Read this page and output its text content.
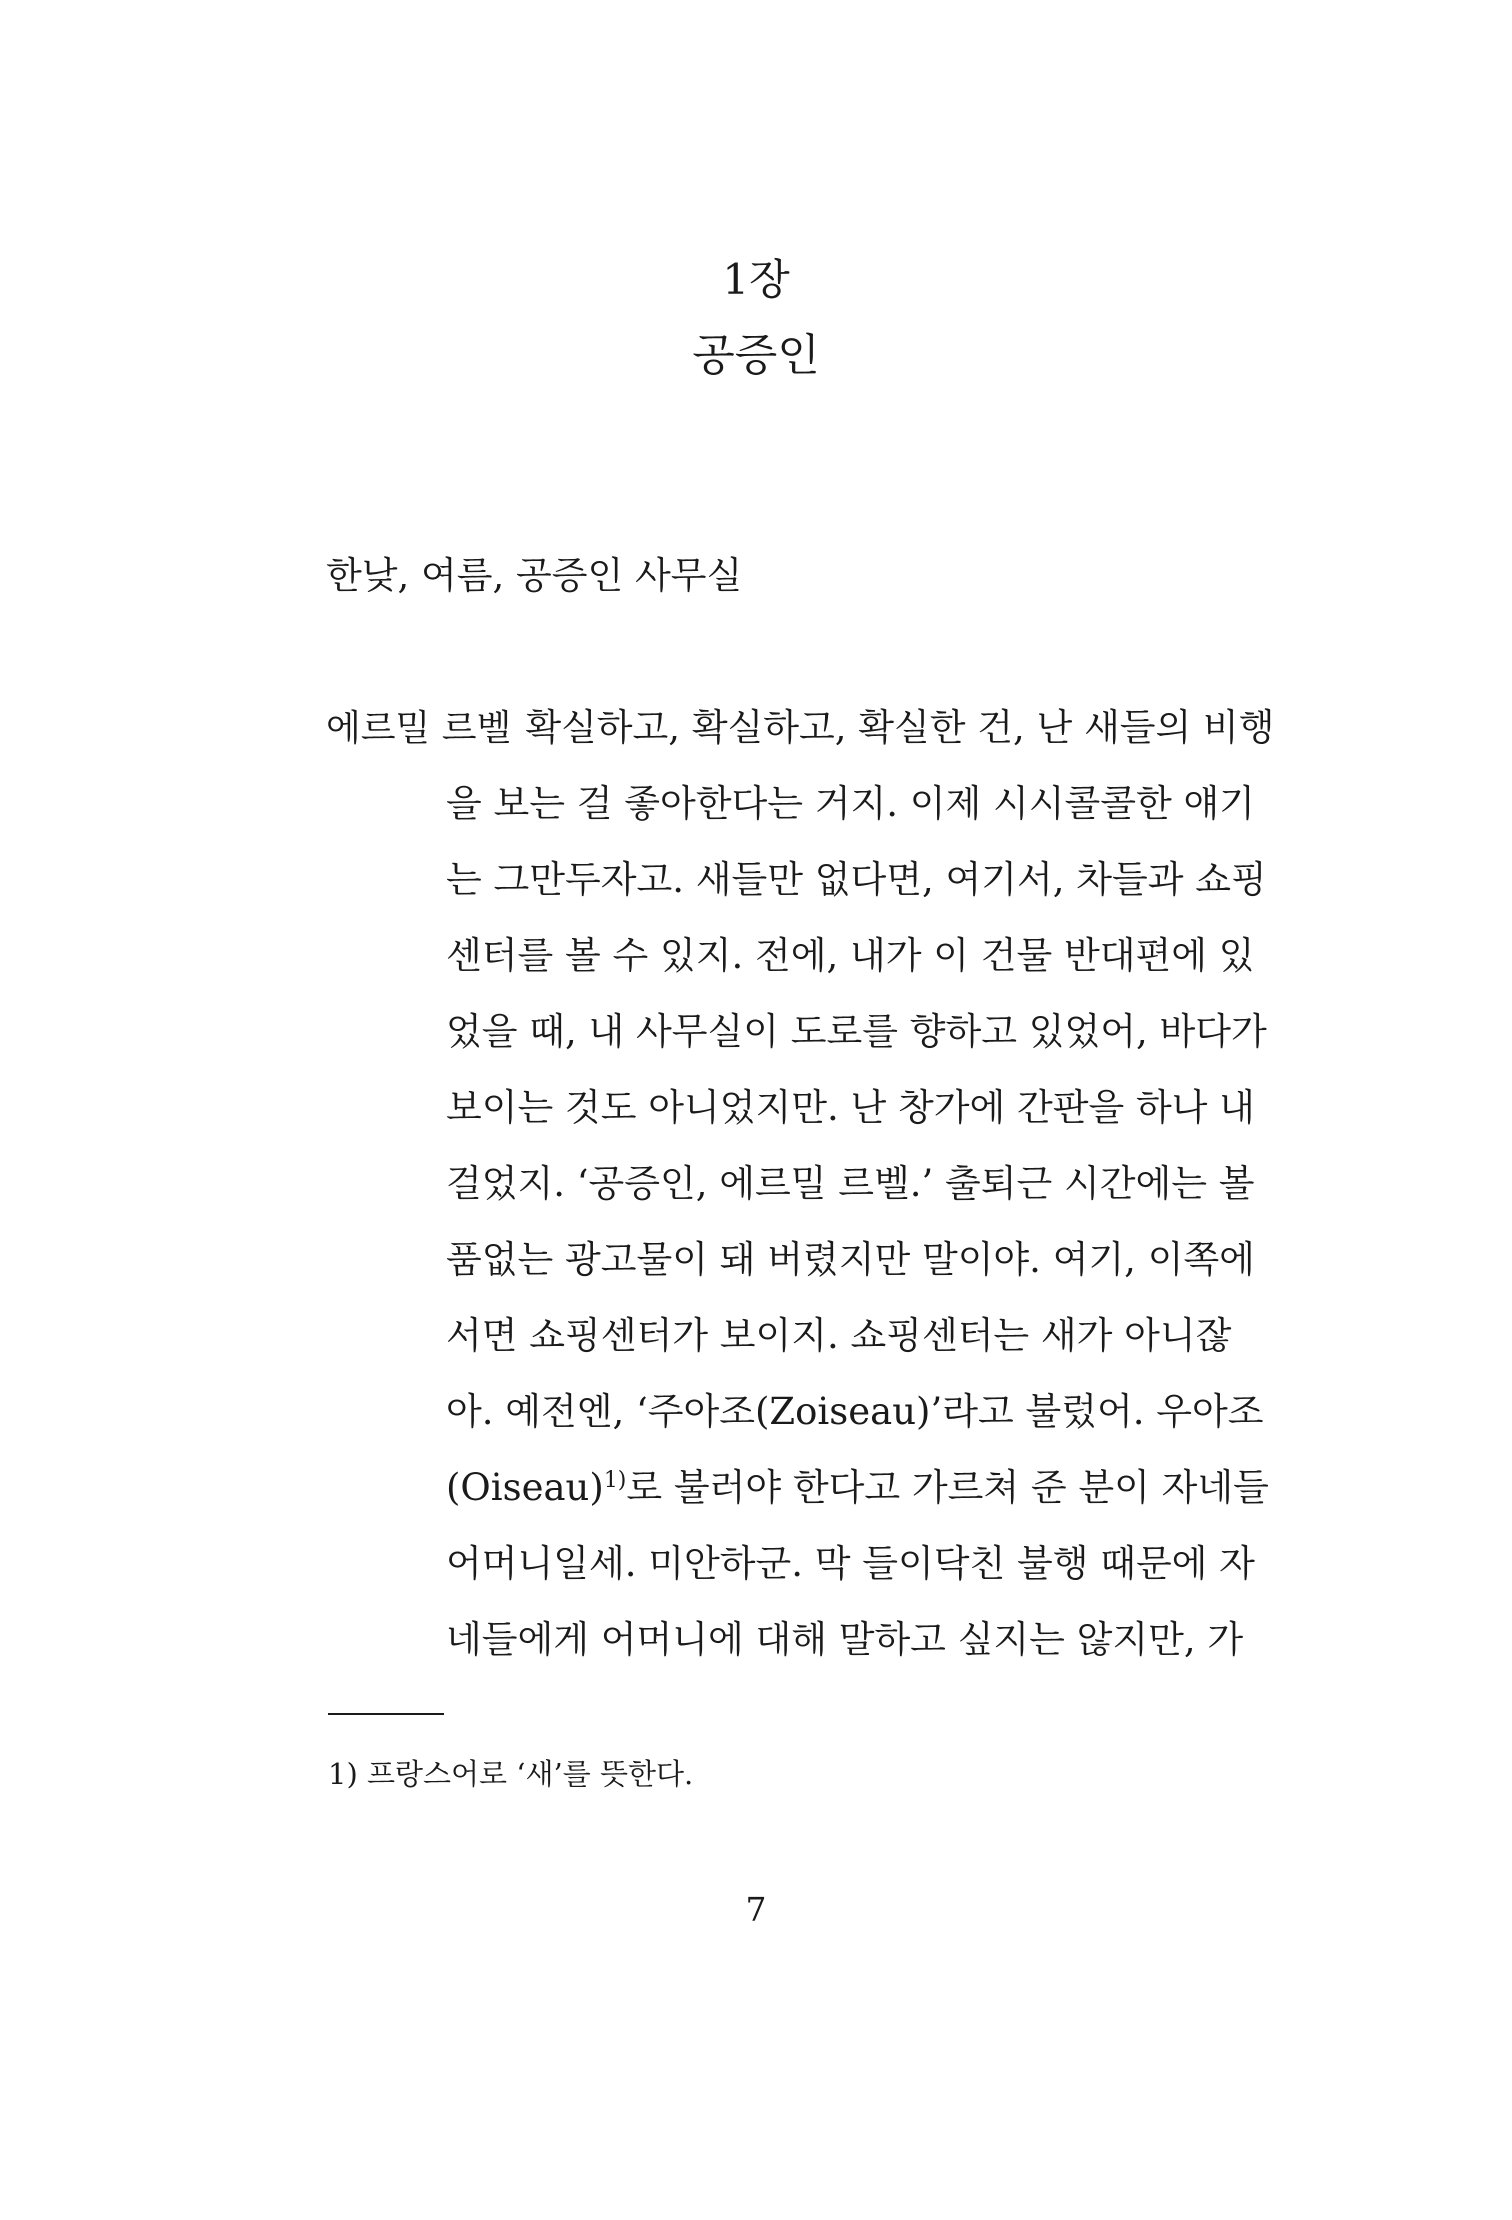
1장
공증인
한낮, 여름, 공증인 사무실
에르밀 르벨 확실하고, 확실하고, 확실한 건, 난 새들의 비행
을 보는 걸 좋아한다는 거지. 이제 시시콜콜한 얘기
는 그만두자고. 새들만 없다면, 여기서, 차들과 쇼핑
센터를 볼 수 있지. 전에, 내가 이 건물 반대편에 있
었을 때, 내 사무실이 도로를 향하고 있었어, 바다가
보이는 것도 아니었지만. 난 창가에 간판을 하나 내
걸었지. ‘공증인, 에르밀 르벨.’ 출퇴근 시간에는 볼
품없는 광고물이 돼 버렸지만 말이야. 여기, 이쪽에
서면 쇼핑센터가 보이지. 쇼핑센터는 새가 아니잖
아. 예전엔, ‘주아조(Zoiseau)’라고 불렀어. 우아조
(Oiseau)$^{1)}$로 불러야 한다고 가르쳐 준 분이 자네들
어머니일세. 미안하군. 막 들이닥친 불행 때문에 자
네들에게 어머니에 대해 말하고 싶지는 않지만, 가
1) 프랑스어로 ‘새’를 뜻한다.
7
